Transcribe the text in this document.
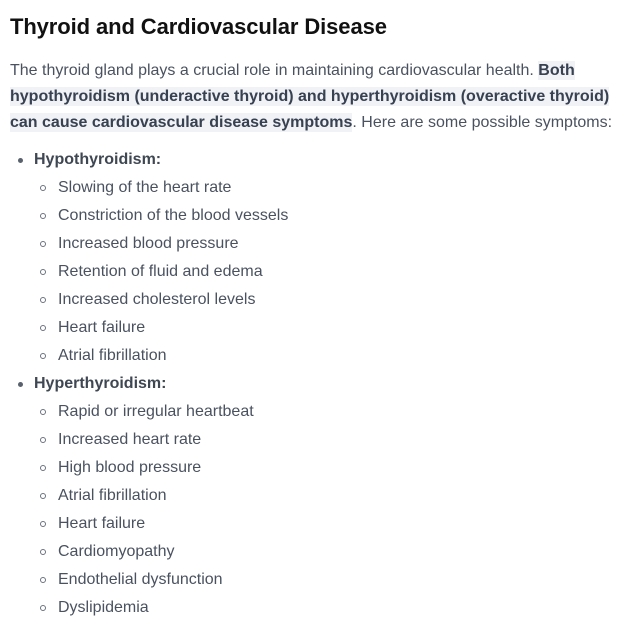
Thyroid and Cardiovascular Disease

The thyroid gland plays a crucial role in maintaining cardiovascular health. Both hypothyroidism (underactive thyroid) and hyperthyroidism (overactive thyroid) can cause cardiovascular disease symptoms. Here are some possible symptoms:

Hypothyroidism:
Slowing of the heart rate
Constriction of the blood vessels
Increased blood pressure
Retention of fluid and edema
Increased cholesterol levels
Heart failure
Atrial fibrillation
Hyperthyroidism:
Rapid or irregular heartbeat
Increased heart rate
High blood pressure
Atrial fibrillation
Heart failure
Cardiomyopathy
Endothelial dysfunction
Dyslipidemia
